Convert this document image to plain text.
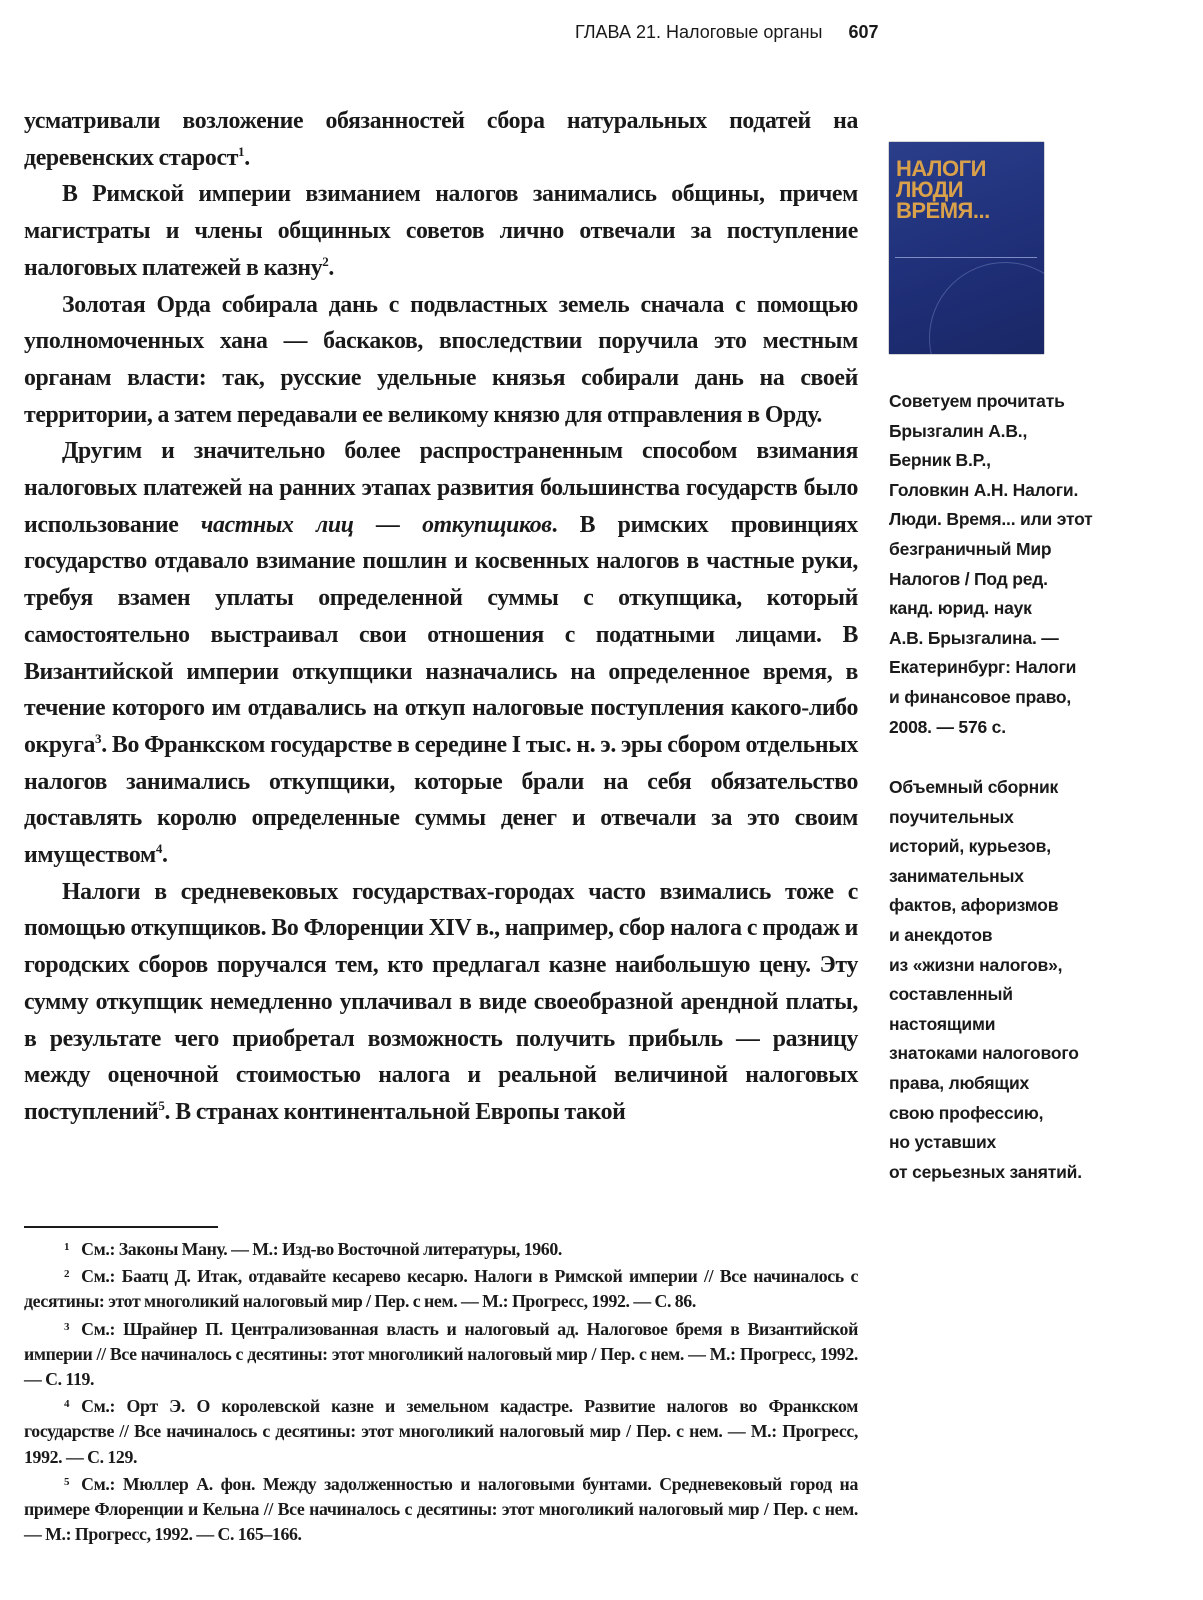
ГЛАВА 21. Налоговые органы 607

усматривали возложение обязанностей сбора натуральных податей на деревенских старост$^1$.

В Римской империи взиманием налогов занимались общины, причем магистраты и члены общинных советов лично отвечали за поступление налоговых платежей в казну$^2$.

Золотая Орда собирала дань с подвластных земель сначала с помощью уполномоченных хана — баскаков, впоследствии поручила это местным органам власти: так, русские удельные князья собирали дань на своей территории, а затем передавали ее великому князю для отправления в Орду.

Другим и значительно более распространенным способом взимания налоговых платежей на ранних этапах развития большинства государств было использование частных лиц — откупщиков. В римских провинциях государство отдавало взимание пошлин и косвенных налогов в частные руки, требуя взамен уплаты определенной суммы с откупщика, который самостоятельно выстраивал свои отношения с податными лицами. В Византийской империи откупщики назначались на определенное время, в течение которого им отдавались на откуп налоговые поступления какого-либо округа$^3$. Во Франкском государстве в середине I тыс. н. э. эры сбором отдельных налогов занимались откупщики, которые брали на себя обязательство доставлять королю определенные суммы денег и отвечали за это своим имуществом$^4$.

Налоги в средневековых государствах-городах часто взимались тоже с помощью откупщиков. Во Флоренции XIV в., например, сбор налога с продаж и городских сборов поручался тем, кто предлагал казне наибольшую цену. Эту сумму откупщик немедленно уплачивал в виде своеобразной арендной платы, в результате чего приобретал возможность получить прибыль — разницу между оценочной стоимостью налога и реальной величиной налоговых поступлений$^5$. В странах континентальной Европы такой

НАЛОГИ
ЛЮДИ
ВРЕМЯ...
Советуем прочитать
Брызгалин А.В.,
Берник В.Р.,
Головкин А.Н. Налоги.
Люди. Время... или этот
безграничный Мир
Налогов / Под ред.
канд. юрид. наук
А.В. Брызгалина. —
Екатеринбург: Налоги
и финансовое право,
2008. — 576 с.
Объемный сборник
поучительных
историй, курьезов,
занимательных
фактов, афоризмов
и анекдотов
из «жизни налогов»,
составленный
настоящими
знатоками налогового
права, любящих
свою профессию,
но уставших
от серьезных занятий.

$^1$ См.: Законы Ману. — М.: Изд-во Восточной литературы, 1960.

$^2$ См.: Баатц Д. Итак, отдавайте кесарево кесарю. Налоги в Римской империи // Все начиналось с десятины: этот многоликий налоговый мир / Пер. с нем. — М.: Прогресс, 1992. — С. 86.

$^3$ См.: Шрайнер П. Централизованная власть и налоговый ад. Налоговое бремя в Византийской империи // Все начиналось с десятины: этот многоликий налоговый мир / Пер. с нем. — М.: Прогресс, 1992. — С. 119.

$^4$ См.: Орт Э. О королевской казне и земельном кадастре. Развитие налогов во Франкском государстве // Все начиналось с десятины: этот многоликий налоговый мир / Пер. с нем. — М.: Прогресс, 1992. — С. 129.

$^5$ См.: Мюллер А. фон. Между задолженностью и налоговыми бунтами. Средневековый город на примере Флоренции и Кельна // Все начиналось с десятины: этот многоликий налоговый мир / Пер. с нем. — М.: Прогресс, 1992. — С. 165–166.
